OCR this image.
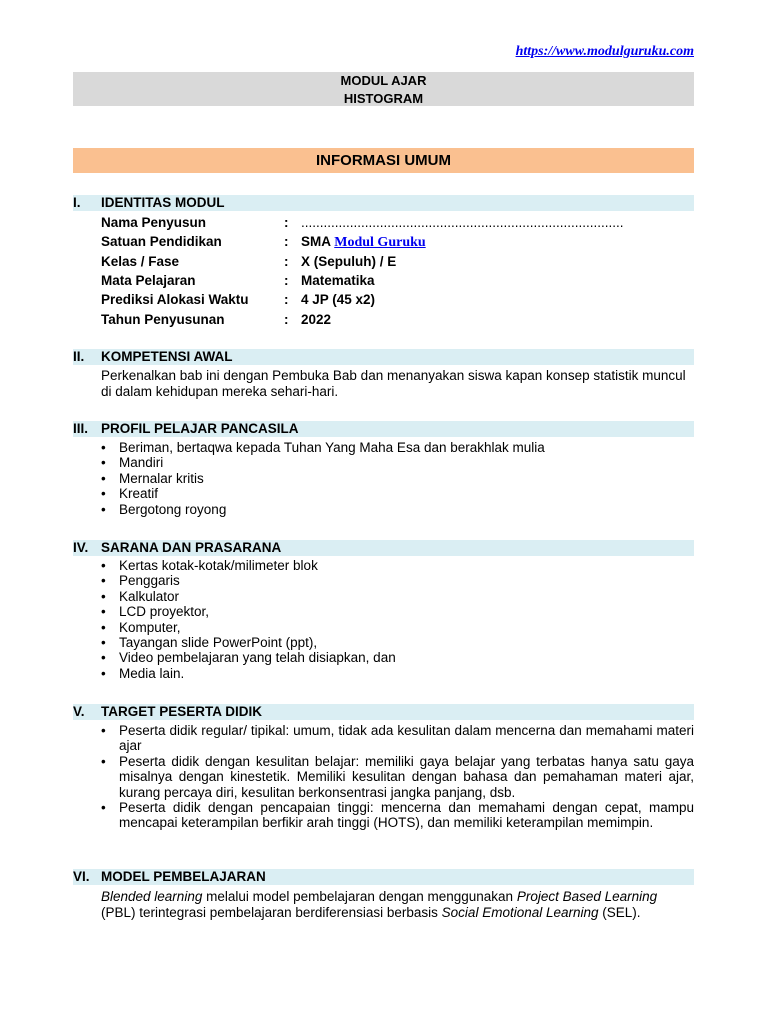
https://www.modulguruku.com
MODUL AJAR
HISTOGRAM
INFORMASI UMUM
I. IDENTITAS MODUL
Nama Penyusun	: ......................................................................................
Satuan Pendidikan	: SMA Modul Guruku
Kelas / Fase	: X (Sepuluh) / E
Mata Pelajaran	: Matematika
Prediksi Alokasi Waktu	: 4 JP (45 x2)
Tahun Penyusunan	: 2022
II. KOMPETENSI AWAL
Perkenalkan bab ini dengan Pembuka Bab dan menanyakan siswa kapan konsep statistik muncul di dalam kehidupan mereka sehari-hari.
III. PROFIL PELAJAR PANCASILA
• Beriman, bertaqwa kepada Tuhan Yang Maha Esa dan berakhlak mulia
• Mandiri
• Mernalar kritis
• Kreatif
• Bergotong royong
IV. SARANA DAN PRASARANA
• Kertas kotak-kotak/milimeter blok
• Penggaris
• Kalkulator
• LCD proyektor,
• Komputer,
• Tayangan slide PowerPoint (ppt),
• Video pembelajaran yang telah disiapkan, dan
• Media lain.
V. TARGET PESERTA DIDIK
• Peserta didik regular/ tipikal: umum, tidak ada kesulitan dalam mencerna dan memahami materi ajar
• Peserta didik dengan kesulitan belajar: memiliki gaya belajar yang terbatas hanya satu gaya misalnya dengan kinestetik. Memiliki kesulitan dengan bahasa dan pemahaman materi ajar, kurang percaya diri, kesulitan berkonsentrasi jangka panjang, dsb.
• Peserta didik dengan pencapaian tinggi: mencerna dan memahami dengan cepat, mampu mencapai keterampilan berfikir arah tinggi (HOTS), dan memiliki keterampilan memimpin.
VI. MODEL PEMBELAJARAN
Blended learning melalui model pembelajaran dengan menggunakan Project Based Learning (PBL) terintegrasi pembelajaran berdiferensiasi berbasis Social Emotional Learning (SEL).
